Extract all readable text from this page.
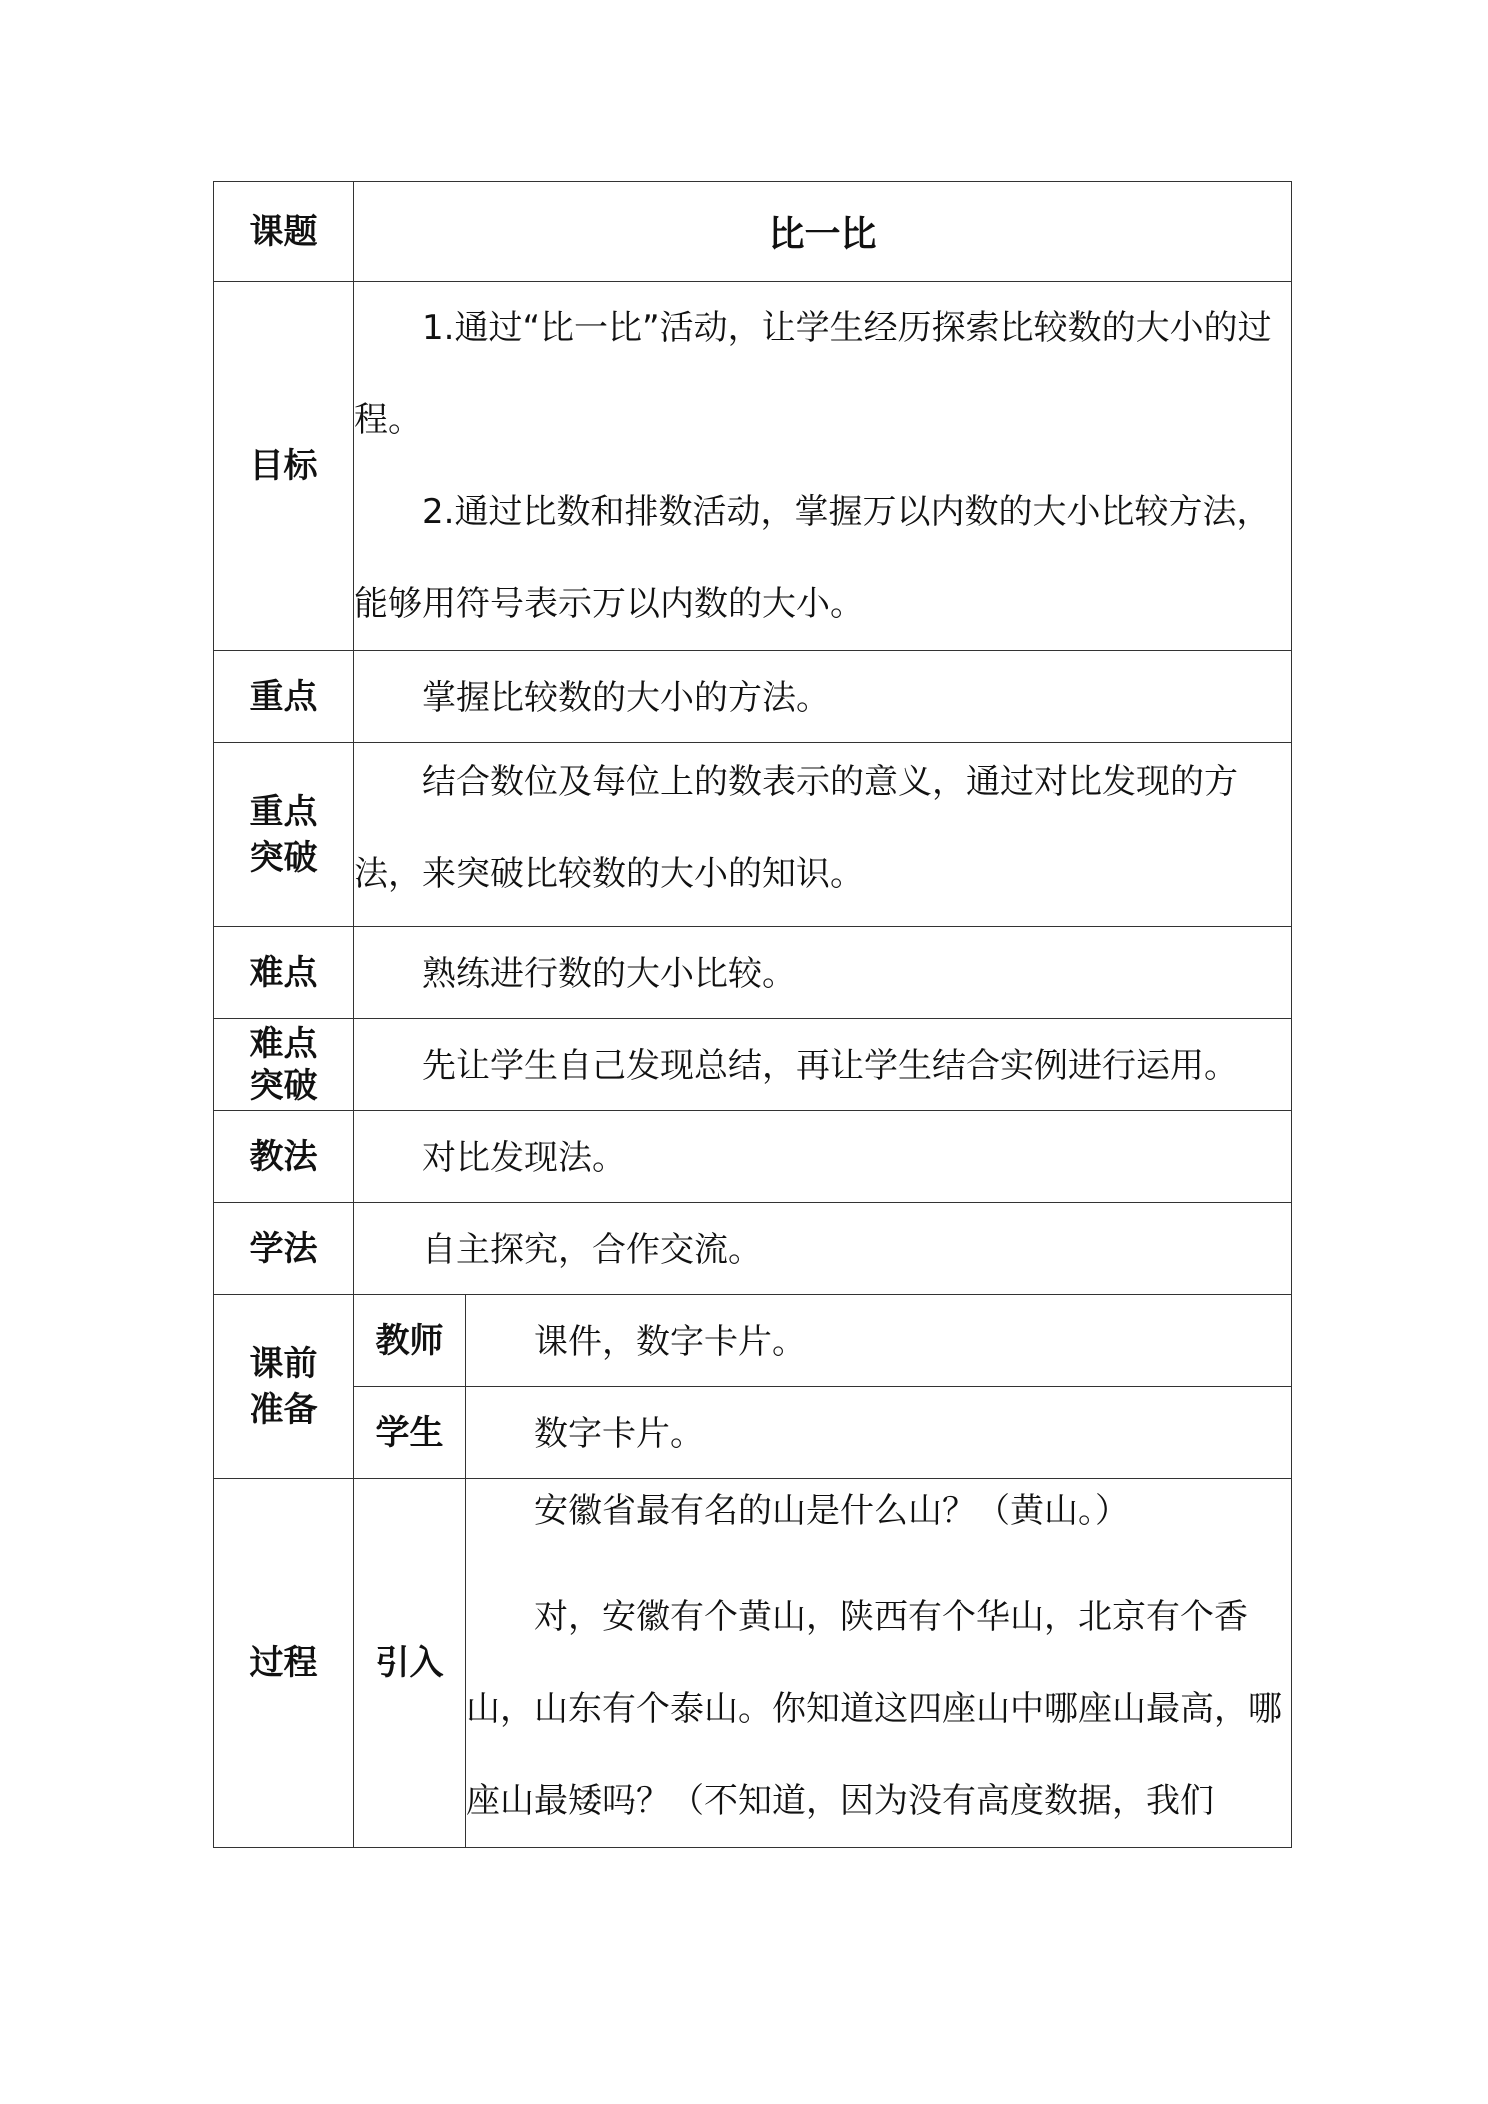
课题	比一比	
目标	1.通过“比一比”活动，让学生经历探索比较数的大小的过程。

2.通过比数和排数活动，掌握万以内数的大小比较方法，能够用符号表示万以内数的大小。	

重点	掌握比较数的大小的方法。	

重点
突破	结合数位及每位上的数表示的意义，通过对比发现的方法，来突破比较数的大小的知识。	

难点	熟练进行数的大小比较。	

难点
突破	先让学生自己发现总结，再让学生结合实例进行运用。	

教法	对比发现法。	

学法	自主探究，合作交流。	

课前
准备	教师	课件，数字卡片。

	学生	数字卡片。

过程	引入	安徽省最有名的山是什么山？（黄山。）

对，安徽有个黄山，陕西有个华山，北京有个香山，山东有个泰山。你知道这四座山中哪座山最高，哪座山最矮吗？（不知道，因为没有高度数据，我们
